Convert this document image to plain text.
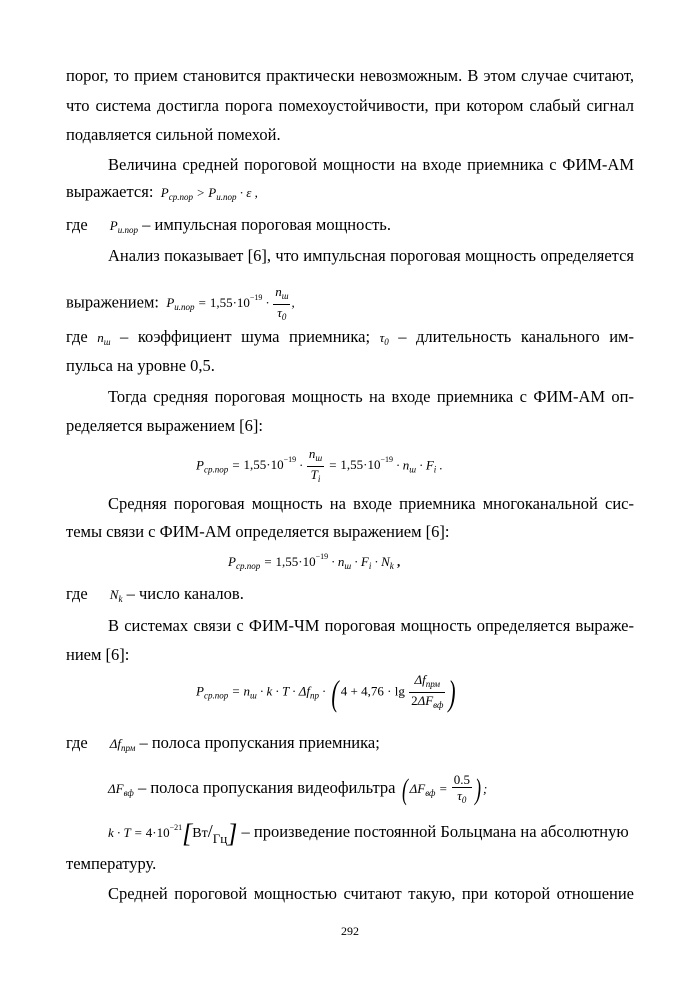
порог, то прием становится практически невозможным. В этом случае считают,
что система достигла порога помехоустойчивости, при котором слабый сигнал
подавляется сильной помехой.
Величина средней пороговой мощности на входе приемника с ФИМ-АМ
выражается:  $P_{ср.пор} > P_{и.пор} \cdot \varepsilon$ ,
где $P_{и.пор}$ – импульсная пороговая мощность.
Анализ показывает [6], что импульсная пороговая мощность определяется
выражением:  $P_{и.пор} = 1,55\cdot 10^{-19} \cdot \frac{n_ш}{\tau_0}$ ,
где $n_ш$ – коэффициент шума приемника; $\tau_0$ – длительность канального им-
пульса на уровне 0,5.
Тогда средняя пороговая мощность на входе приемника с ФИМ-АМ оп-
ределяется выражением [6]:
$P_{ср.пор} = 1,55\cdot 10^{-19} \cdot \frac{n_ш}{T_i} = 1,55\cdot 10^{-19} \cdot n_ш \cdot F_i$ .
Средняя пороговая мощность на входе приемника многоканальной сис-
темы связи с ФИМ-АМ определяется выражением [6]:
$P_{ср.пор} = 1,55\cdot 10^{-19} \cdot n_ш \cdot F_i \cdot N_k$ ,
где $N_k$ – число каналов.
В системах связи с ФИМ-ЧМ пороговая мощность определяется выраже-
нием [6]:
$P_{ср.пор} = n_ш \cdot k \cdot T \cdot \Delta f_{пр}$ · ( $4 + 4,76 \cdot \lg \frac{\Delta f_{прм}}{2\Delta F_{вф}}$ )
где $\Delta f_{прм}$ – полоса пропускания приемника;
$\Delta F_{вф}$ – полоса пропускания видеофильтра ( $\Delta F_{вф} = \frac{0.5}{\tau_0}$ ) ;
$k \cdot T = 4\cdot 10^{-21}[Вт/Гц]$ – произведение постоянной Больцмана на абсолютную
температуру.
Средней пороговой мощностью считают такую, при которой отношение
292
